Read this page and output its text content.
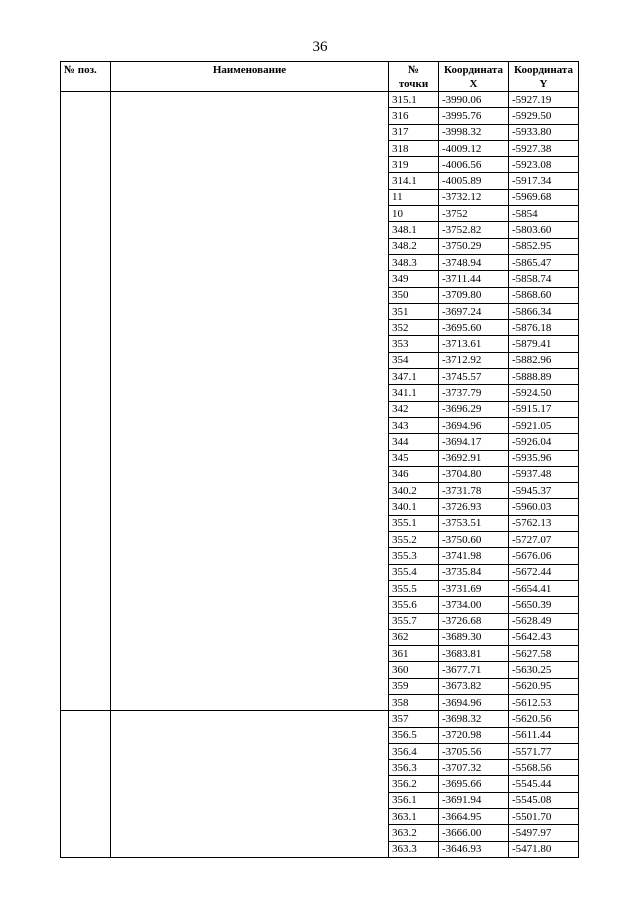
36
№ поз.	Наименование	№ точки	Координата X	Координата Y
		315.1	-3990.06	-5927.19
		316	-3995.76	-5929.50
		317	-3998.32	-5933.80
		318	-4009.12	-5927.38
		319	-4006.56	-5923.08
		314.1	-4005.89	-5917.34
		11	-3732.12	-5969.68
		10	-3752	-5854
		348.1	-3752.82	-5803.60
		348.2	-3750.29	-5852.95
		348.3	-3748.94	-5865.47
		349	-3711.44	-5858.74
		350	-3709.80	-5868.60
		351	-3697.24	-5866.34
		352	-3695.60	-5876.18
		353	-3713.61	-5879.41
		354	-3712.92	-5882.96
		347.1	-3745.57	-5888.89
		341.1	-3737.79	-5924.50
		342	-3696.29	-5915.17
		343	-3694.96	-5921.05
		344	-3694.17	-5926.04
		345	-3692.91	-5935.96
		346	-3704.80	-5937.48
		340.2	-3731.78	-5945.37
		340.1	-3726.93	-5960.03
		355.1	-3753.51	-5762.13
		355.2	-3750.60	-5727.07
		355.3	-3741.98	-5676.06
		355.4	-3735.84	-5672.44
		355.5	-3731.69	-5654.41
		355.6	-3734.00	-5650.39
		355.7	-3726.68	-5628.49
		362	-3689.30	-5642.43
		361	-3683.81	-5627.58
		360	-3677.71	-5630.25
		359	-3673.82	-5620.95
		358	-3694.96	-5612.53
		357	-3698.32	-5620.56
		356.5	-3720.98	-5611.44
		356.4	-3705.56	-5571.77
		356.3	-3707.32	-5568.56
		356.2	-3695.66	-5545.44
		356.1	-3691.94	-5545.08
		363.1	-3664.95	-5501.70
		363.2	-3666.00	-5497.97
		363.3	-3646.93	-5471.80
